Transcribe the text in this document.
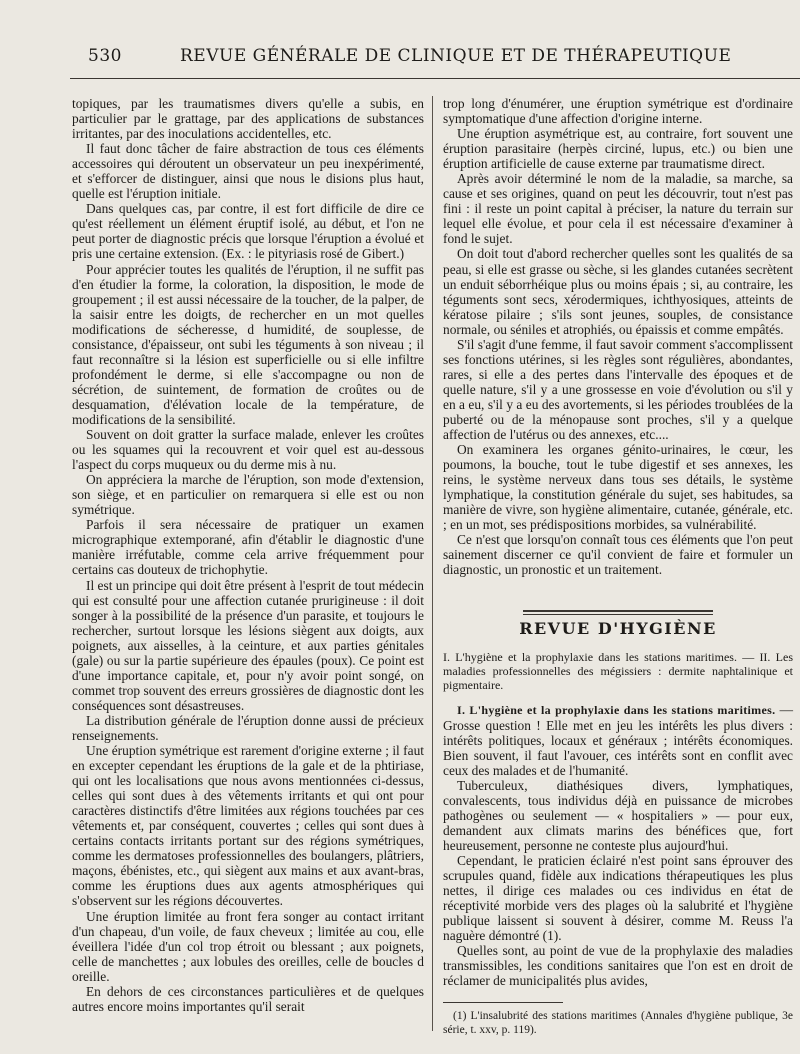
530	REVUE GÉNÉRALE DE CLINIQUE ET DE THÉRAPEUTIQUE

topiques, par les traumatismes divers qu'elle a subis, en particulier par le grattage, par des applications de substances irritantes, par des inoculations accidentelles, etc.

Il faut donc tâcher de faire abstraction de tous ces éléments accessoires qui déroutent un observateur un peu inexpérimenté, et s'efforcer de distinguer, ainsi que nous le disions plus haut, quelle est l'éruption initiale.

Dans quelques cas, par contre, il est fort difficile de dire ce qu'est réellement un élément éruptif isolé, au début, et l'on ne peut porter de diagnostic précis que lorsque l'éruption a évolué et pris une certaine extension. (Ex. : le pityriasis rosé de Gibert.)

Pour apprécier toutes les qualités de l'éruption, il ne suffit pas d'en étudier la forme, la coloration, la disposition, le mode de groupement ; il est aussi nécessaire de la toucher, de la palper, de la saisir entre les doigts, de rechercher en un mot quelles modifications de sécheresse, d humidité, de souplesse, de consistance, d'épaisseur, ont subi les téguments à son niveau ; il faut reconnaître si la lésion est superficielle ou si elle infiltre profondément le derme, si elle s'accompagne ou non de sécrétion, de suintement, de formation de croûtes ou de desquamation, d'élévation locale de la température, de modifications de la sensibilité.

Souvent on doit gratter la surface malade, enlever les croûtes ou les squames qui la recouvrent et voir quel est au-dessous l'aspect du corps muqueux ou du derme mis à nu.

On appréciera la marche de l'éruption, son mode d'extension, son siège, et en particulier on remarquera si elle est ou non symétrique.

Parfois il sera nécessaire de pratiquer un examen micrographique extemporané, afin d'établir le diagnostic d'une manière irréfutable, comme cela arrive fréquemment pour certains cas douteux de trichophytie.

Il est un principe qui doit être présent à l'esprit de tout médecin qui est consulté pour une affection cutanée prurigineuse : il doit songer à la possibilité de la présence d'un parasite, et toujours le rechercher, surtout lorsque les lésions siègent aux doigts, aux poignets, aux aisselles, à la ceinture, et aux parties génitales (gale) ou sur la partie supérieure des épaules (poux). Ce point est d'une importance capitale, et, pour n'y avoir point songé, on commet trop souvent des erreurs grossières de diagnostic dont les conséquences sont désastreuses.

La distribution générale de l'éruption donne aussi de précieux renseignements.

Une éruption symétrique est rarement d'origine externe ; il faut en excepter cependant les éruptions de la gale et de la phtiriase, qui ont les localisations que nous avons mentionnées ci-dessus, celles qui sont dues à des vêtements irritants et qui ont pour caractères distinctifs d'être limitées aux régions touchées par ces vêtements et, par conséquent, couvertes ; celles qui sont dues à certains contacts irritants portant sur des régions symétriques, comme les dermatoses professionnelles des boulangers, plâtriers, maçons, ébénistes, etc., qui siègent aux mains et aux avant-bras, comme les éruptions dues aux agents atmosphériques qui s'observent sur les régions découvertes.

Une éruption limitée au front fera songer au contact irritant d'un chapeau, d'un voile, de faux cheveux ; limitée au cou, elle éveillera l'idée d'un col trop étroit ou blessant ; aux poignets, celle de manchettes ; aux lobules des oreilles, celle de boucles d oreille.

En dehors de ces circonstances particulières et de quelques autres encore moins importantes qu'il serait

trop long d'énumérer, une éruption symétrique est d'ordinaire symptomatique d'une affection d'origine interne.

Une éruption asymétrique est, au contraire, fort souvent une éruption parasitaire (herpès circiné, lupus, etc.) ou bien une éruption artificielle de cause externe par traumatisme direct.

Après avoir déterminé le nom de la maladie, sa marche, sa cause et ses origines, quand on peut les découvrir, tout n'est pas fini : il reste un point capital à préciser, la nature du terrain sur lequel elle évolue, et pour cela il est nécessaire d'examiner à fond le sujet.

On doit tout d'abord rechercher quelles sont les qualités de sa peau, si elle est grasse ou sèche, si les glandes cutanées secrètent un enduit séborrhéique plus ou moins épais ; si, au contraire, les téguments sont secs, xérodermiques, ichthyosiques, atteints de kératose pilaire ; s'ils sont jeunes, souples, de consistance normale, ou séniles et atrophiés, ou épaissis et comme empâtés.

S'il s'agit d'une femme, il faut savoir comment s'accomplissent ses fonctions utérines, si les règles sont régulières, abondantes, rares, si elle a des pertes dans l'intervalle des époques et de quelle nature, s'il y a une grossesse en voie d'évolution ou s'il y en a eu, s'il y a eu des avortements, si les périodes troublées de la puberté ou de la ménopause sont proches, s'il y a quelque affection de l'utérus ou des annexes, etc....

On examinera les organes génito-urinaires, le cœur, les poumons, la bouche, tout le tube digestif et ses annexes, les reins, le système nerveux dans tous ses détails, le système lymphatique, la constitution générale du sujet, ses habitudes, sa manière de vivre, son hygiène alimentaire, cutanée, générale, etc. ; en un mot, ses prédispositions morbides, sa vulnérabilité.

Ce n'est que lorsqu'on connaît tous ces éléments que l'on peut sainement discerner ce qu'il convient de faire et formuler un diagnostic, un pronostic et un traitement.

REVUE D'HYGIÈNE

I. L'hygiène et la prophylaxie dans les stations maritimes. — II. Les maladies professionnelles des mégissiers : dermite naphtalinique et pigmentaire.

I. L'hygiène et la prophylaxie dans les stations maritimes. — Grosse question ! Elle met en jeu les intérêts les plus divers : intérêts politiques, locaux et généraux ; intérêts économiques. Bien souvent, il faut l'avouer, ces intérêts sont en conflit avec ceux des malades et de l'humanité.

Tuberculeux, diathésiques divers, lymphatiques, convalescents, tous individus déjà en puissance de microbes pathogènes ou seulement — « hospitaliers » — pour eux, demandent aux climats marins des bénéfices que, fort heureusement, personne ne conteste plus aujourd'hui.

Cependant, le praticien éclairé n'est point sans éprouver des scrupules quand, fidèle aux indications thérapeutiques les plus nettes, il dirige ces malades ou ces individus en état de réceptivité morbide vers des plages où la salubrité et l'hygiène publique laissent si souvent à désirer, comme M. Reuss l'a naguère démontré (1).

Quelles sont, au point de vue de la prophylaxie des maladies transmissibles, les conditions sanitaires que l'on est en droit de réclamer de municipalités plus avides,

(1) L'insalubrité des stations maritimes (Annales d'hygiène publique, 3e série, t. xxv, p. 119).
